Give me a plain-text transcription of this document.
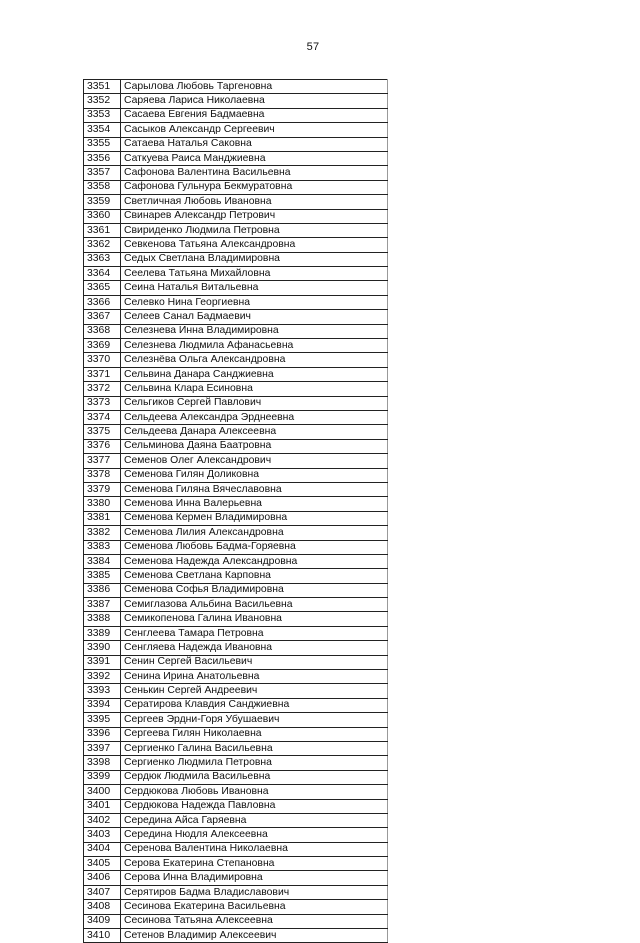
57
3351	Сарылова Любовь Таргеновна
3352	Саряева Лариса Николаевна
3353	Сасаева Евгения Бадмаевна
3354	Сасыков Александр Сергеевич
3355	Сатаева Наталья Саковна
3356	Саткуева Раиса Манджиевна
3357	Сафонова Валентина Васильевна
3358	Сафонова Гульнура Бекмуратовна
3359	Светличная Любовь Ивановна
3360	Свинарев Александр Петрович
3361	Свириденко Людмила Петровна
3362	Севкенова Татьяна Александровна
3363	Седых Светлана Владимировна
3364	Сеелева Татьяна Михайловна
3365	Сеина Наталья Витальевна
3366	Селевко Нина Георгиевна
3367	Селеев Санал Бадмаевич
3368	Селезнева Инна Владимировна
3369	Селезнева Людмила Афанасьевна
3370	Селезнёва Ольга Александровна
3371	Сельвина Данара Санджиевна
3372	Сельвина Клара Есиновна
3373	Сельгиков Сергей Павлович
3374	Сельдеева Александра Эрднеевна
3375	Сельдеева Данара Алексеевна
3376	Сельминова Даяна Баатровна
3377	Семенов Олег Александрович
3378	Семенова Гилян Доликовна
3379	Семенова Гиляна Вячеславовна
3380	Семенова Инна Валерьевна
3381	Семенова Кермен Владимировна
3382	Семенова Лилия Александровна
3383	Семенова Любовь Бадма-Горяевна
3384	Семенова Надежда Александровна
3385	Семенова Светлана Карповна
3386	Семенова Софья Владимировна
3387	Семиглазова Альбина Васильевна
3388	Семикопенова Галина Ивановна
3389	Сенглеева Тамара Петровна
3390	Сенгляева Надежда Ивановна
3391	Сенин Сергей Васильевич
3392	Сенина Ирина Анатольевна
3393	Сенькин Сергей Андреевич
3394	Сератирова Клавдия Санджиевна
3395	Сергеев Эрдни-Горя Убушаевич
3396	Сергеева Гилян Николаевна
3397	Сергиенко Галина Васильевна
3398	Сергиенко Людмила Петровна
3399	Сердюк Людмила Васильевна
3400	Сердюкова Любовь Ивановна
3401	Сердюкова Надежда Павловна
3402	Середина Айса Гаряевна
3403	Середина Нюдля Алексеевна
3404	Серенова Валентина Николаевна
3405	Серова Екатерина Степановна
3406	Серова Инна Владимировна
3407	Серятиров Бадма Владиславович
3408	Сесинова Екатерина Васильевна
3409	Сесинова Татьяна Алексеевна
3410	Сетенов Владимир Алексеевич
